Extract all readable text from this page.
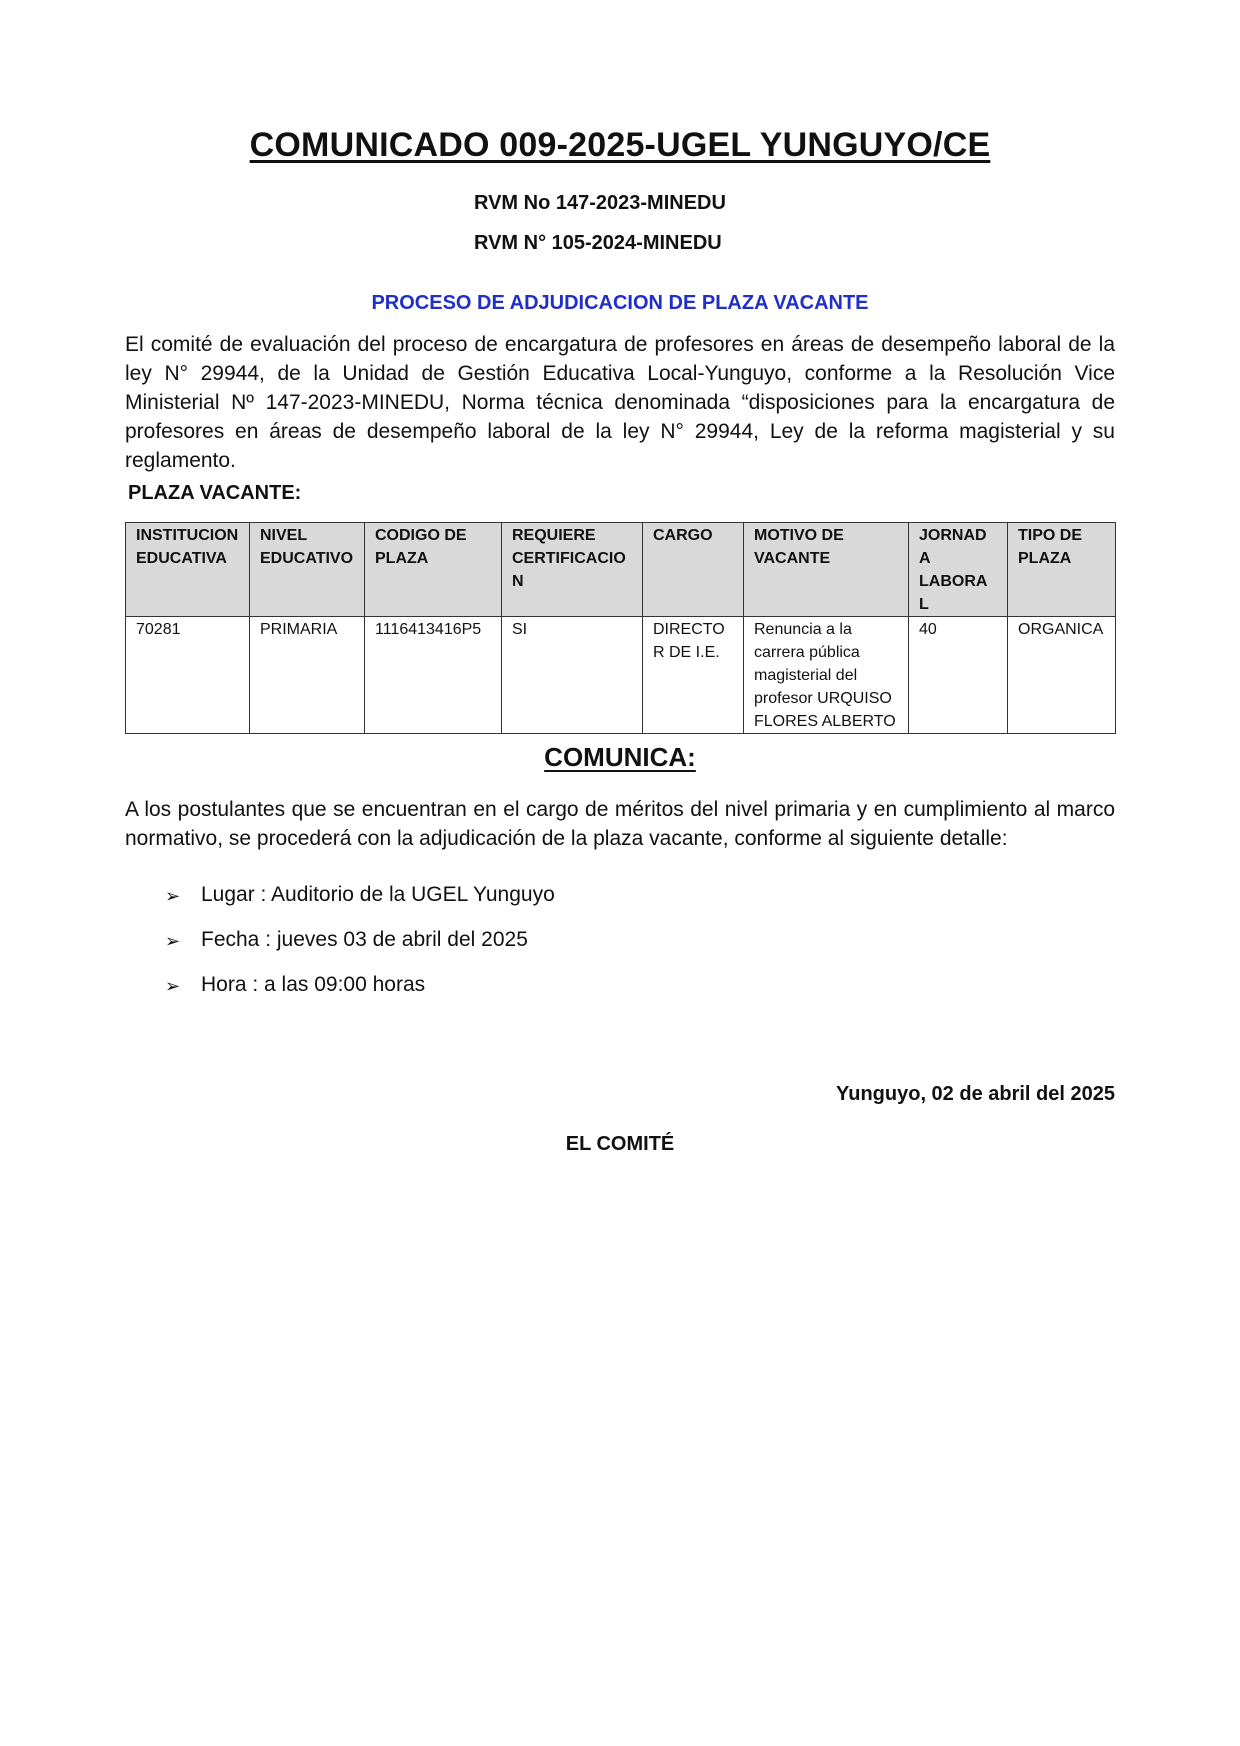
COMUNICADO 009-2025-UGEL YUNGUYO/CE
RVM No 147-2023-MINEDU
RVM N° 105-2024-MINEDU
PROCESO DE ADJUDICACION DE PLAZA VACANTE
El comité de evaluación del proceso de encargatura de profesores en áreas de desempeño laboral de la ley N° 29944, de la Unidad de Gestión Educativa Local-Yunguyo, conforme a la Resolución Vice Ministerial Nº 147-2023-MINEDU, Norma técnica denominada “disposiciones para la encargatura de profesores en áreas de desempeño laboral de la ley N° 29944, Ley de la reforma magisterial y su reglamento.
PLAZA VACANTE:
INSTITUCION EDUCATIVA	NIVEL EDUCATIVO	CODIGO DE PLAZA	REQUIERE CERTIFICACION	CARGO	MOTIVO DE VACANTE	JORNADA LABORAL	TIPO DE PLAZA
70281	PRIMARIA	1116413416P5	SI	DIRECTOR DE I.E.	Renuncia a la carrera pública magisterial del profesor URQUISO FLORES ALBERTO	40	ORGANICA
COMUNICA:
A los postulantes que se encuentran en el cargo de méritos del nivel primaria y en cumplimiento al marco normativo, se procederá con la adjudicación de la plaza vacante, conforme al siguiente detalle:
➢ Lugar : Auditorio de la UGEL Yunguyo
➢ Fecha : jueves 03 de abril del 2025
➢ Hora : a las 09:00 horas
Yunguyo, 02 de abril del 2025
EL COMITÉ
